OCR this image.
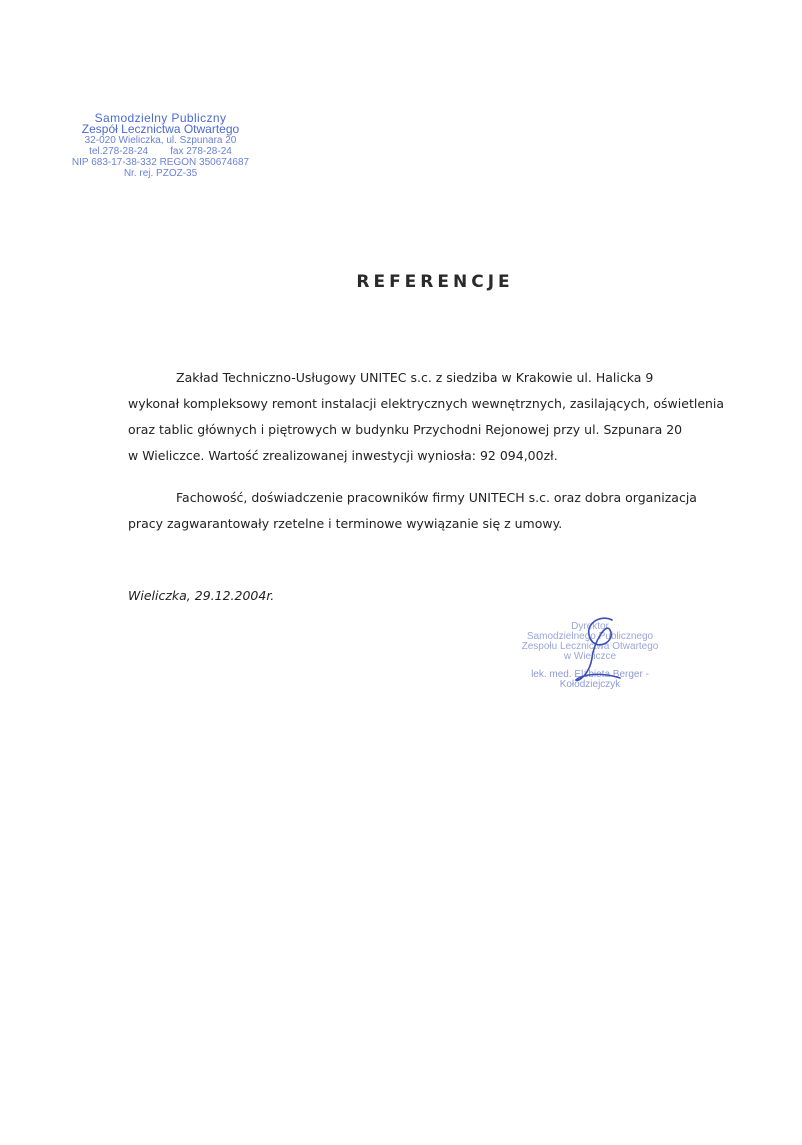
Samodzielny Publiczny
Zespół Lecznictwa Otwartego
32-020 Wieliczka, ul. Szpunara 20
tel.278-28-24 fax 278-28-24
NIP 683-17-38-332 REGON 350674687
Nr. rej. PZOZ-35
REFERENCJE
Zakład Techniczno-Usługowy UNITEC s.c. z siedziba w Krakowie ul. Halicka 9
wykonał kompleksowy remont instalacji elektrycznych wewnętrznych, zasilających, oświetlenia
oraz tablic głównych i piętrowych w budynku Przychodni Rejonowej przy ul. Szpunara 20
w Wieliczce. Wartość zrealizowanej inwestycji wyniosła: 92 094,00zł.
Fachowość, doświadczenie pracowników firmy UNITECH s.c. oraz dobra organizacja
pracy zagwarantowały rzetelne i terminowe wywiązanie się z umowy.
Wieliczka, 29.12.2004r.
Dyrektor
Samodzielnego Publicznego
Zespołu Lecznictwa Otwartego
w Wieliczce
lek. med. Elżbieta Berger - Kołodziejczyk
